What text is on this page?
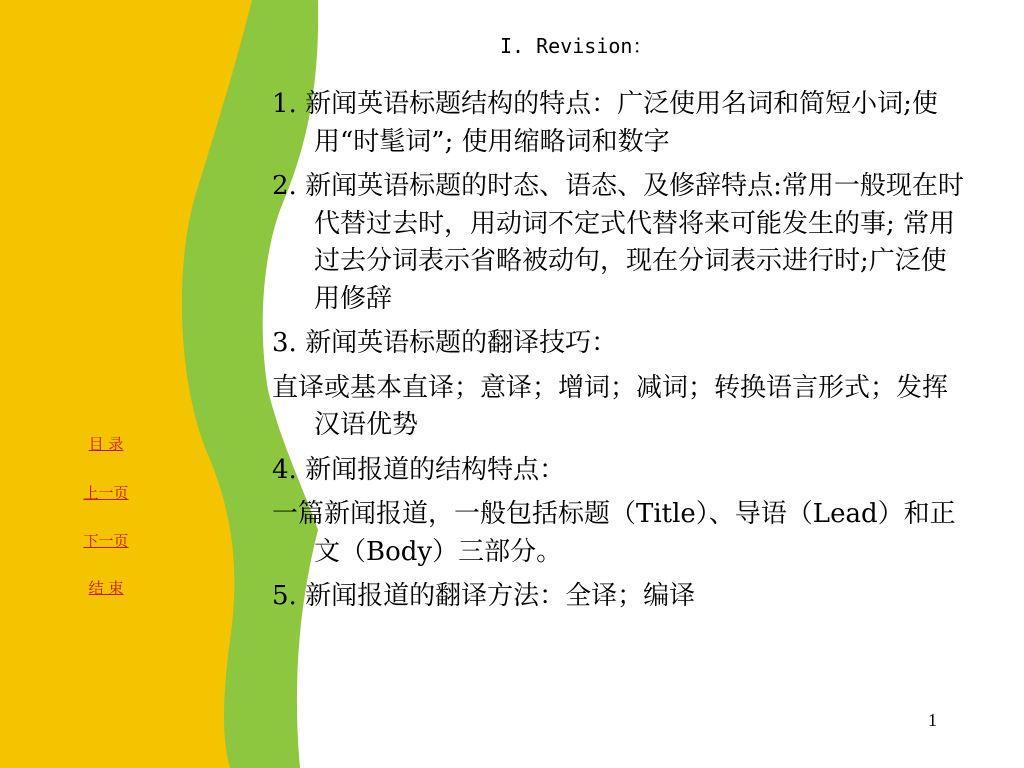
目 录
上一页
下一页
结 束
I. Revision：
1. 新闻英语标题结构的特点：广泛使用名词和简短小词;使用“时髦词”; 使用缩略词和数字
2. 新闻英语标题的时态、语态、及修辞特点:常用一般现在时代替过去时，用动词不定式代替将来可能发生的事; 常用过去分词表示省略被动句，现在分词表示进行时;广泛使用修辞
3. 新闻英语标题的翻译技巧：
直译或基本直译；意译；增词；减词；转换语言形式；发挥汉语优势
4. 新闻报道的结构特点：
一篇新闻报道，一般包括标题（Title）、导语（Lead）和正文（Body）三部分。
5. 新闻报道的翻译方法：全译；编译
1
